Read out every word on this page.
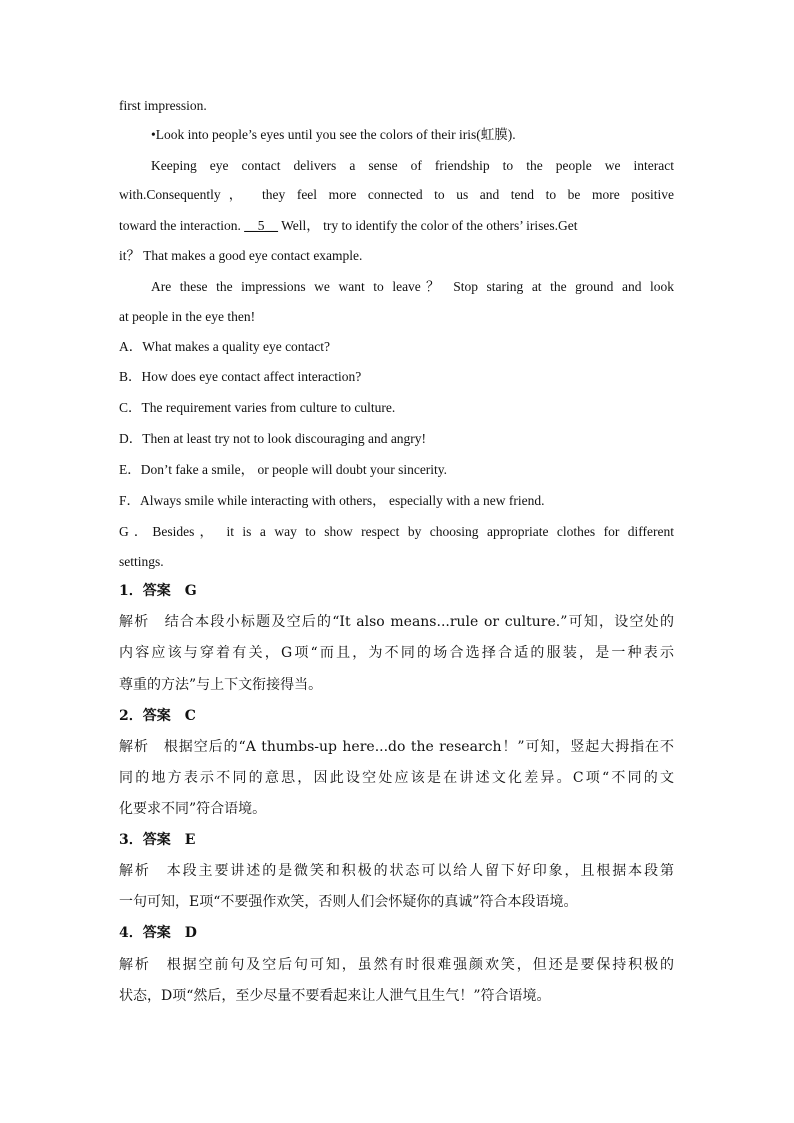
first impression.
•Look into people’s eyes until you see the colors of their iris(虹膜).
Keeping eye contact delivers a sense of friendship to the people we interact
with.Consequently， they feel more connected to us and tend to be more positive
toward the interaction. __5__ Well， try to identify the color of the others’ irises.Get
it？ That makes a good eye contact example.
Are these the impressions we want to leave？ Stop staring at the ground and look
at people in the eye then!
A．What makes a quality eye contact?
B．How does eye contact affect interaction?
C．The requirement varies from culture to culture.
D．Then at least try not to look discouraging and angry!
E．Don’t fake a smile， or people will doubt your sincerity.
F．Always smile while interacting with others， especially with a new friend.
G．Besides， it is a way to show respect by choosing appropriate clothes for different
settings.
1．答案　G
解析　结合本段小标题及空后的“It also means...rule or culture.”可知，设空处的
内容应该与穿着有关，G项“而且，为不同的场合选择合适的服装，是一种表示
尊重的方法”与上下文衔接得当。
2．答案　C
解析　根据空后的“A thumbs-up here...do the research！”可知，竖起大拇指在不
同的地方表示不同的意思，因此设空处应该是在讲述文化差异。C项“不同的文
化要求不同”符合语境。
3．答案　E
解析　本段主要讲述的是微笑和积极的状态可以给人留下好印象，且根据本段第
一句可知，E项“不要强作欢笑，否则人们会怀疑你的真诚”符合本段语境。
4．答案　D
解析　根据空前句及空后句可知，虽然有时很难强颜欢笑，但还是要保持积极的
状态，D项“然后，至少尽量不要看起来让人泄气且生气！”符合语境。
